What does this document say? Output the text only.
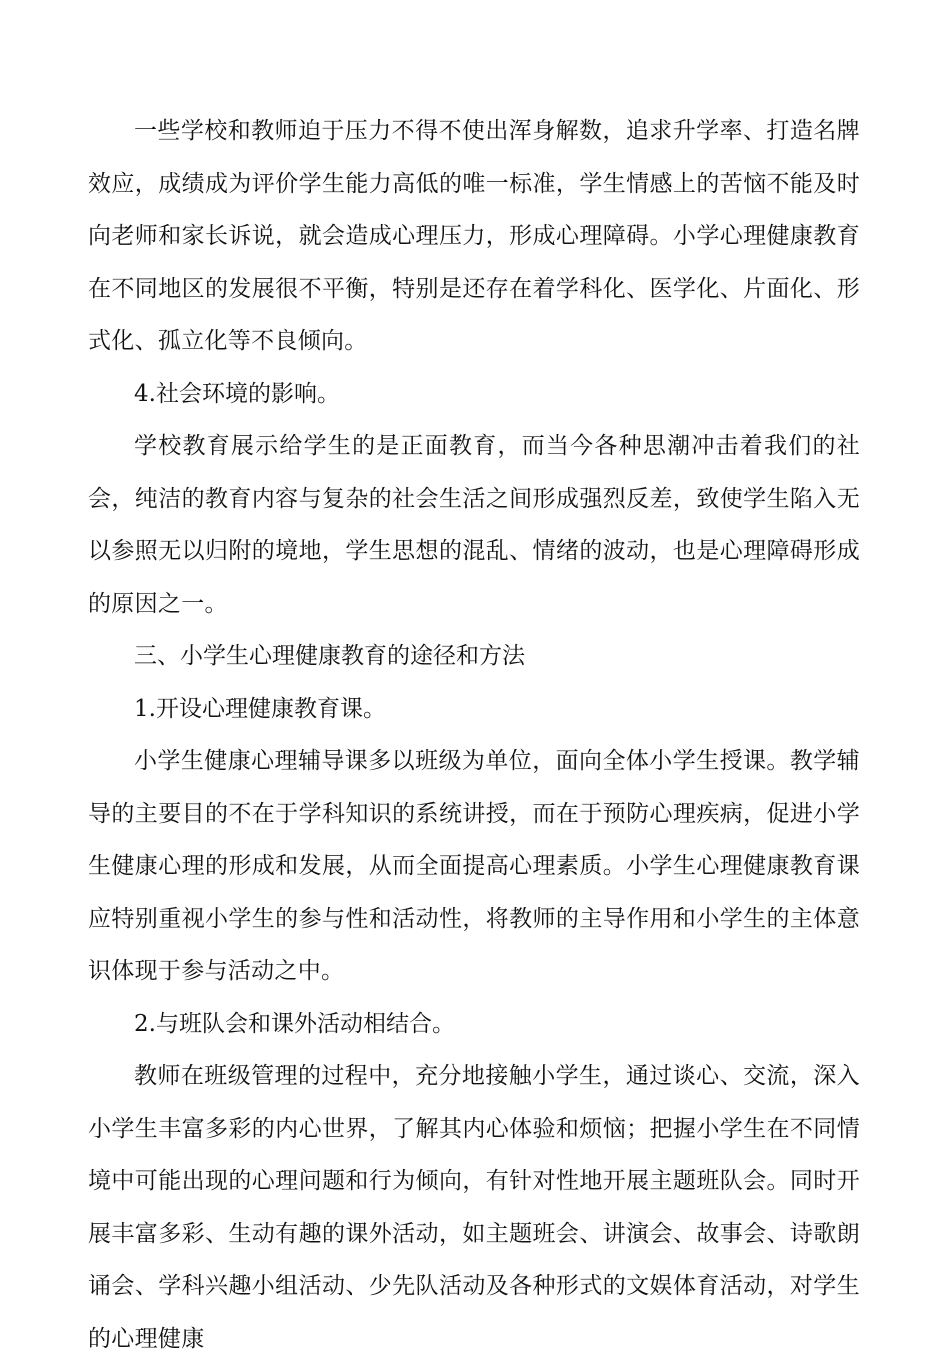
一些学校和教师迫于压力不得不使出浑身解数，追求升学率、打造名牌效应，成绩成为评价学生能力高低的唯一标准，学生情感上的苦恼不能及时向老师和家长诉说，就会造成心理压力，形成心理障碍。小学心理健康教育在不同地区的发展很不平衡，特别是还存在着学科化、医学化、片面化、形式化、孤立化等不良倾向。

4.社会环境的影响。

学校教育展示给学生的是正面教育，而当今各种思潮冲击着我们的社会，纯洁的教育内容与复杂的社会生活之间形成强烈反差，致使学生陷入无以参照无以归附的境地，学生思想的混乱、情绪的波动，也是心理障碍形成的原因之一。

三、小学生心理健康教育的途径和方法

1.开设心理健康教育课。

小学生健康心理辅导课多以班级为单位，面向全体小学生授课。教学辅导的主要目的不在于学科知识的系统讲授，而在于预防心理疾病，促进小学生健康心理的形成和发展，从而全面提高心理素质。小学生心理健康教育课应特别重视小学生的参与性和活动性，将教师的主导作用和小学生的主体意识体现于参与活动之中。

2.与班队会和课外活动相结合。

教师在班级管理的过程中，充分地接触小学生，通过谈心、交流，深入小学生丰富多彩的内心世界，了解其内心体验和烦恼；把握小学生在不同情境中可能出现的心理问题和行为倾向，有针对性地开展主题班队会。同时开展丰富多彩、生动有趣的课外活动，如主题班会、讲演会、故事会、诗歌朗诵会、学科兴趣小组活动、少先队活动及各种形式的文娱体育活动，对学生的心理健康
